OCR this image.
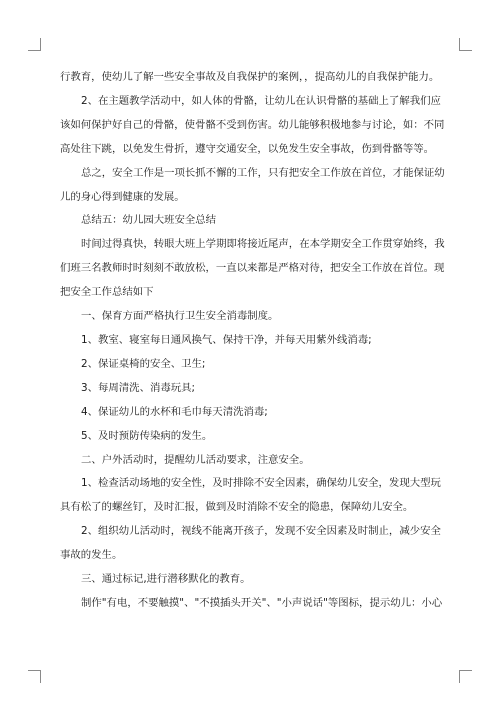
行教育，使幼儿了解一些安全事故及自我保护的案例，，提高幼儿的自我保护能力。
2、在主题教学活动中，如人体的骨骼，让幼儿在认识骨骼的基础上了解我们应
该如何保护好自己的骨骼，使骨骼不受到伤害。幼儿能够积极地参与讨论，如：不同
高处往下跳，以免发生骨折，遵守交通安全，以免发生安全事故，伤到骨骼等等。
总之，安全工作是一项长抓不懈的工作，只有把安全工作放在首位，才能保证幼
儿的身心得到健康的发展。
总结五：幼儿园大班安全总结
时间过得真快，转眼大班上学期即将接近尾声，在本学期安全工作贯穿始终，我
们班三名教师时时刻刻不敢放松，一直以来都是严格对待，把安全工作放在首位。现
把安全工作总结如下
一、保育方面严格执行卫生安全消毒制度。
1、教室、寝室每日通风换气、保持干净，并每天用紫外线消毒;
2、保证桌椅的安全、卫生;
3、每周清洗、消毒玩具;
4、保证幼儿的水杯和毛巾每天清洗消毒;
5、及时预防传染病的发生。
二、户外活动时，提醒幼儿活动要求，注意安全。
1、检查活动场地的安全性，及时排除不安全因素，确保幼儿安全，发现大型玩
具有松了的螺丝钉，及时汇报，做到及时消除不安全的隐患，保障幼儿安全。
2、组织幼儿活动时，视线不能离开孩子，发现不安全因素及时制止，减少安全
事故的发生。
三、通过标记,进行潜移默化的教育。
制作"有电，不要触摸"、"不摸插头开关"、"小声说话"等图标，提示幼儿：小心
